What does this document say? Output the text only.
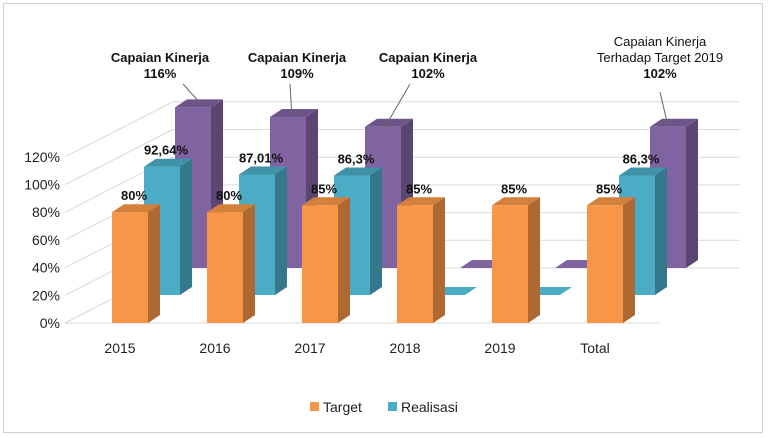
0%
20%
40%
60%
80%
100%
120%
80%	80%	85%	85%	85%	85%
92,64%
87,01%	86,3%	86,3%
2015	2016	2017	2018	2019	Total
Capaian Kinerja
116%
Capaian Kinerja
109%
Capaian Kinerja
102%
Capaian Kinerja
Terhadap Target 2019
102%
Target	Realisasi
